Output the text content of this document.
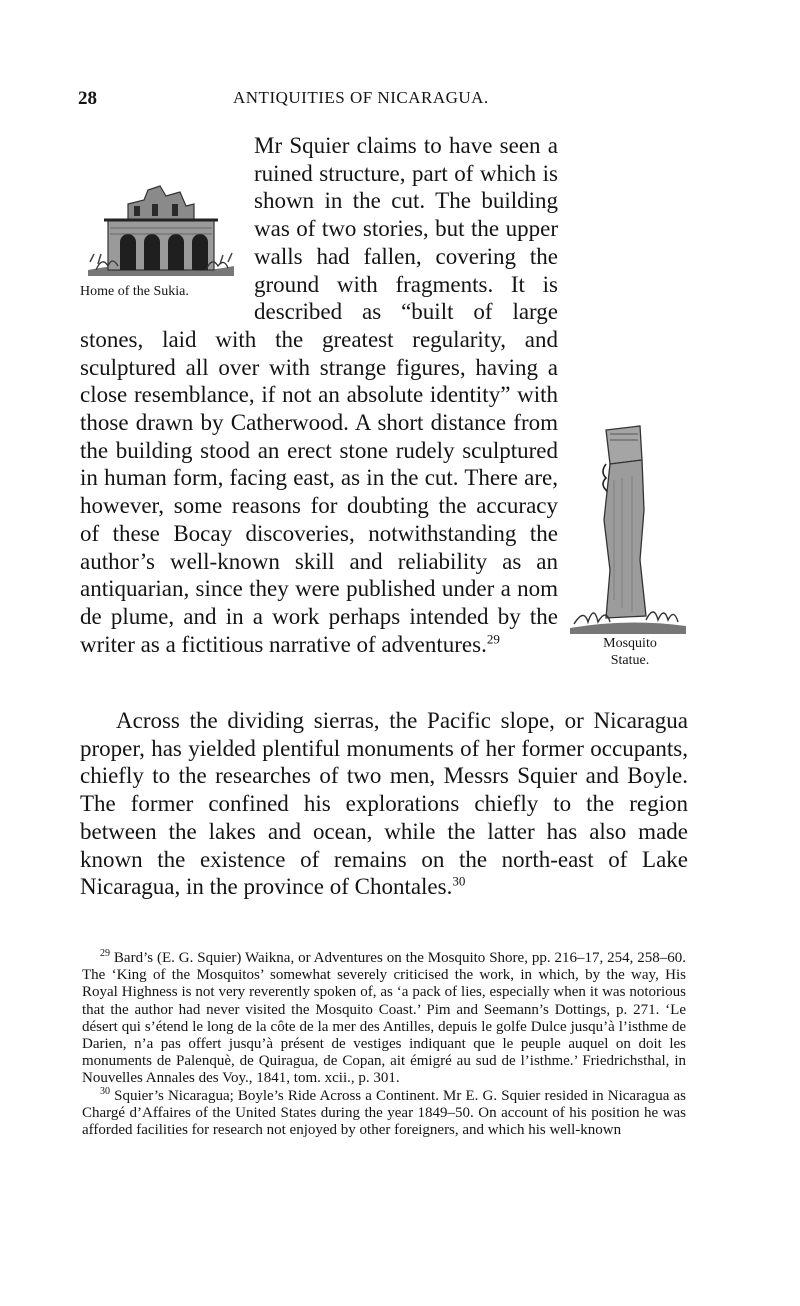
28	ANTIQUITIES OF NICARAGUA.
Home of the Sukia.
Mosquito
Statue.
Mr Squier claims to have seen a ruined structure, part of which is shown in the cut. The building was of two stories, but the upper walls had fallen, covering the ground with fragments. It is described as “built of large stones, laid with the greatest regularity, and sculptured all over with strange figures, having a close resemblance, if not an absolute identity” with those drawn by Catherwood. A short distance from the building stood an erect stone rudely sculptured in human form, facing east, as in the cut. There are, however, some reasons for doubting the accuracy of these Bocay discoveries, notwithstanding the author’s well-known skill and reliability as an antiquarian, since they were published under a nom de plume, and in a work perhaps intended by the writer as a fictitious narrative of adventures.$^{29}$
Across the dividing sierras, the Pacific slope, or Nicaragua proper, has yielded plentiful monuments of her former occupants, chiefly to the researches of two men, Messrs Squier and Boyle. The former confined his explorations chiefly to the region between the lakes and ocean, while the latter has also made known the existence of remains on the north-east of Lake Nicaragua, in the province of Chontales.$^{30}$
$^{29}$ Bard’s (E. G. Squier) Waikna, or Adventures on the Mosquito Shore, pp. 216–17, 254, 258–60. The ‘King of the Mosquitos’ somewhat severely criticised the work, in which, by the way, His Royal Highness is not very reverently spoken of, as ‘a pack of lies, especially when it was notorious that the author had never visited the Mosquito Coast.’ Pim and Seemann’s Dottings, p. 271. ‘Le désert qui s’étend le long de la côte de la mer des Antilles, depuis le golfe Dulce jusqu’à l’isthme de Darien, n’a pas offert jusqu’à présent de vestiges indiquant que le peuple auquel on doit les monuments de Palenquè, de Quiragua, de Copan, ait émigré au sud de l’isthme.’ Friedrichsthal, in Nouvelles Annales des Voy., 1841, tom. xcii., p. 301.
$^{30}$ Squier’s Nicaragua; Boyle’s Ride Across a Continent. Mr E. G. Squier resided in Nicaragua as Chargé d’Affaires of the United States during the year 1849–50. On account of his position he was afforded facilities for research not enjoyed by other foreigners, and which his well-known
